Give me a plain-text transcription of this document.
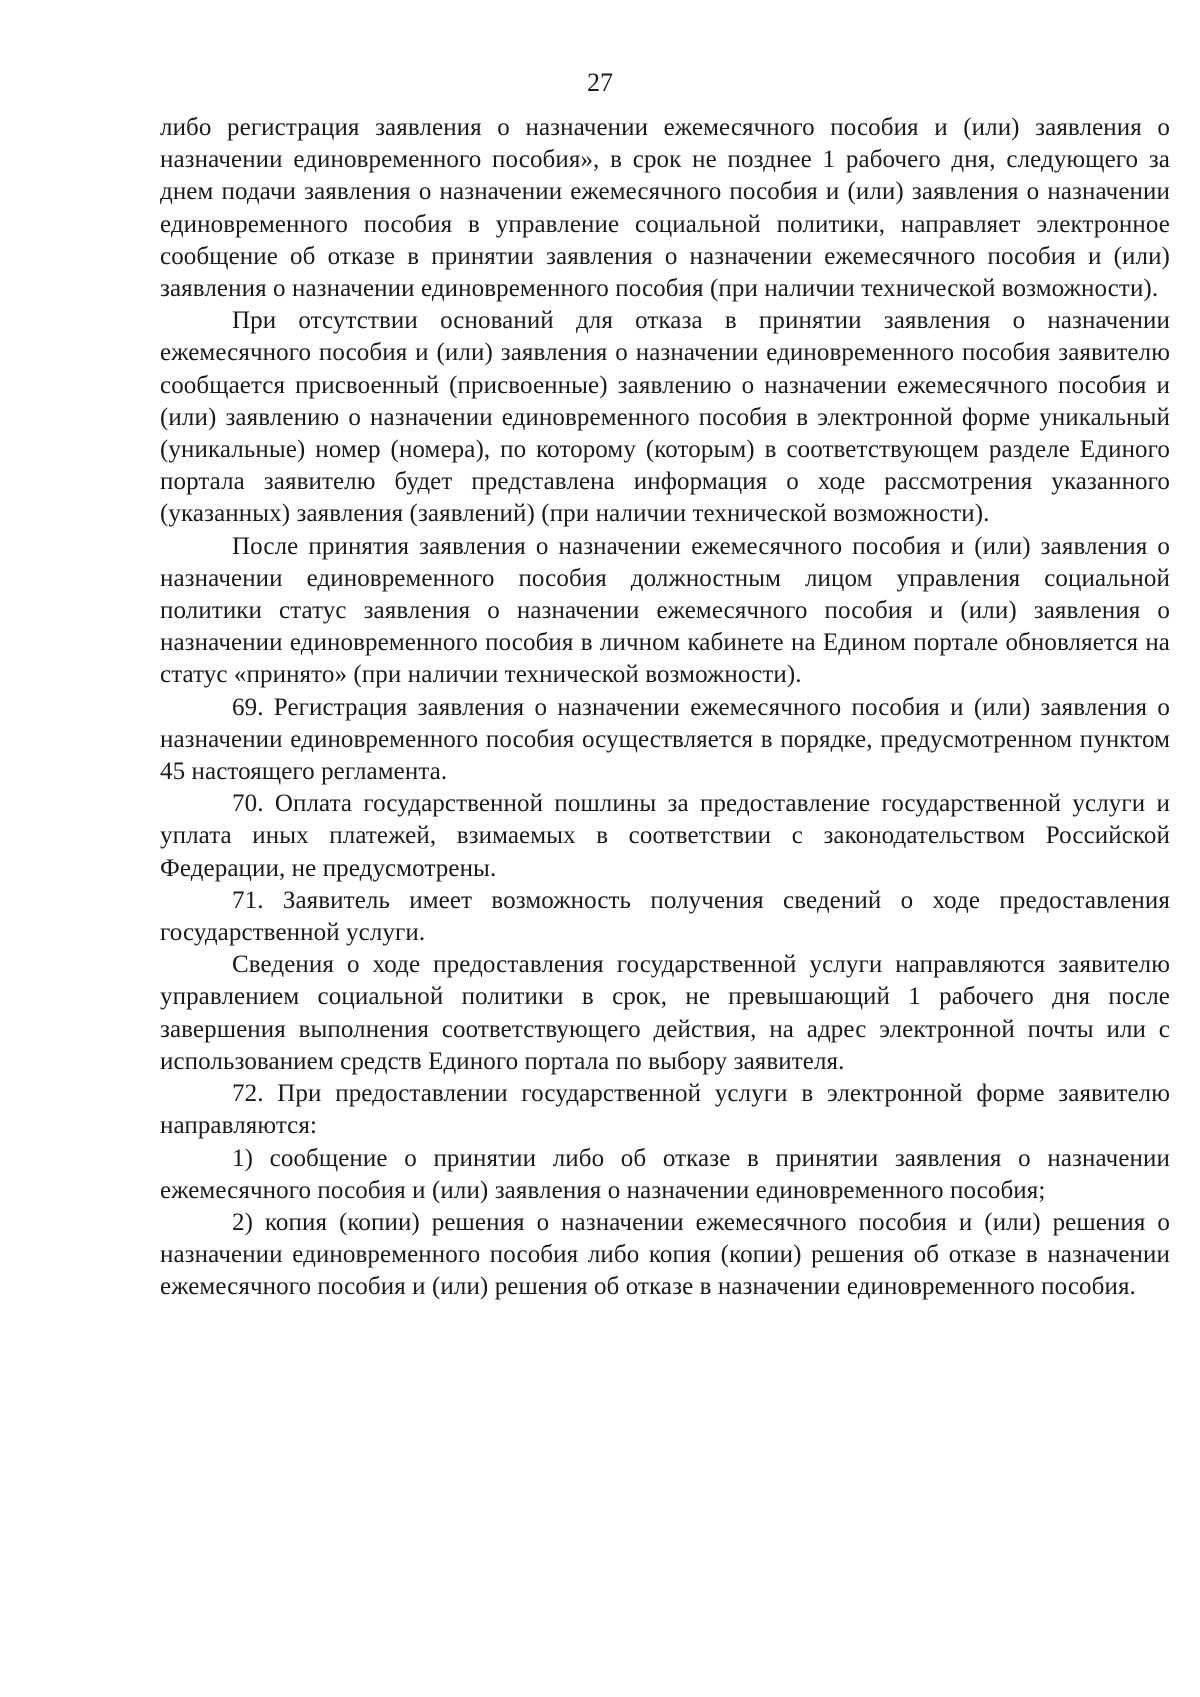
27

либо регистрация заявления о назначении ежемесячного пособия и (или) заявления о назначении единовременного пособия», в срок не позднее 1 рабочего дня, следующего за днем подачи заявления о назначении ежемесячного пособия и (или) заявления о назначении единовременного пособия в управление социальной политики, направляет электронное сообщение об отказе в принятии заявления о назначении ежемесячного пособия и (или) заявления о назначении единовременного пособия (при наличии технической возможности).

При отсутствии оснований для отказа в принятии заявления о назначении ежемесячного пособия и (или) заявления о назначении единовременного пособия заявителю сообщается присвоенный (присвоенные) заявлению о назначении ежемесячного пособия и (или) заявлению о назначении единовременного пособия в электронной форме уникальный (уникальные) номер (номера), по которому (которым) в соответствующем разделе Единого портала заявителю будет представлена информация о ходе рассмотрения указанного (указанных) заявления (заявлений) (при наличии технической возможности).

После принятия заявления о назначении ежемесячного пособия и (или) заявления о назначении единовременного пособия должностным лицом управления социальной политики статус заявления о назначении ежемесячного пособия и (или) заявления о назначении единовременного пособия в личном кабинете на Едином портале обновляется на статус «принято» (при наличии технической возможности).

69. Регистрация заявления о назначении ежемесячного пособия и (или) заявления о назначении единовременного пособия осуществляется в порядке, предусмотренном пунктом 45 настоящего регламента.

70. Оплата государственной пошлины за предоставление государственной услуги и уплата иных платежей, взимаемых в соответствии с законодательством Российской Федерации, не предусмотрены.

71. Заявитель имеет возможность получения сведений о ходе предоставления государственной услуги.

Сведения о ходе предоставления государственной услуги направляются заявителю управлением социальной политики в срок, не превышающий 1 рабочего дня после завершения выполнения соответствующего действия, на адрес электронной почты или с использованием средств Единого портала по выбору заявителя.

72. При предоставлении государственной услуги в электронной форме заявителю направляются:

1) сообщение о принятии либо об отказе в принятии заявления о назначении ежемесячного пособия и (или) заявления о назначении единовременного пособия;

2) копия (копии) решения о назначении ежемесячного пособия и (или) решения о назначении единовременного пособия либо копия (копии) решения об отказе в назначении ежемесячного пособия и (или) решения об отказе в назначении единовременного пособия.
